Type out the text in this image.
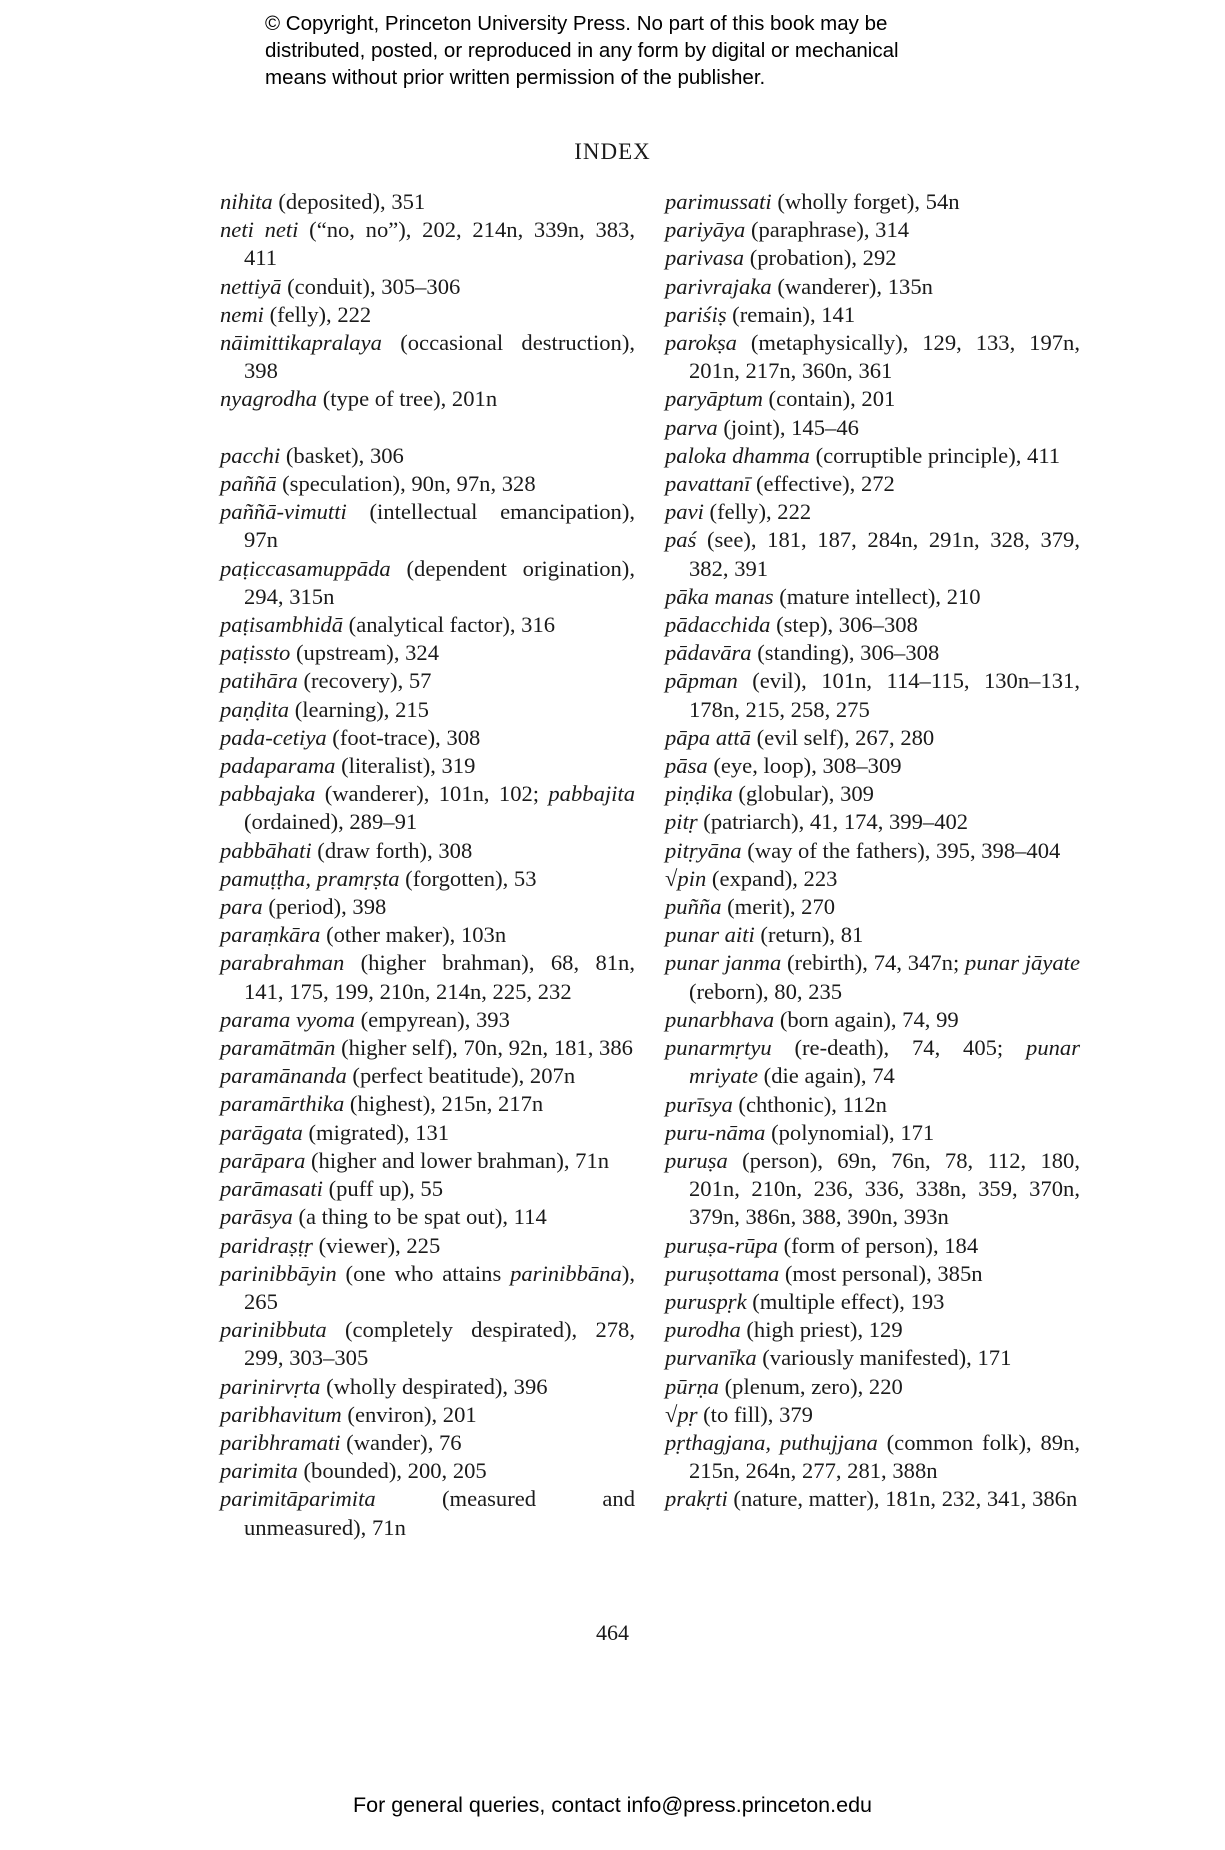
© Copyright, Princeton University Press. No part of this book may be
distributed, posted, or reproduced in any form by digital or mechanical
means without prior written permission of the publisher.
INDEX
nihita (deposited), 351
neti neti (“no, no”), 202, 214n, 339n, 383, 411
nettiyā (conduit), 305–306
nemi (felly), 222
nāimittikapralaya (occasional destruction), 398
nyagrodha (type of tree), 201n
pacchi (basket), 306
paññā (speculation), 90n, 97n, 328
paññā-vimutti (intellectual emancipation), 97n
paṭiccasamuppāda (dependent origination), 294, 315n
paṭisambhidā (analytical factor), 316
paṭissto (upstream), 324
patihāra (recovery), 57
paṇḍita (learning), 215
pada-cetiya (foot-trace), 308
padaparama (literalist), 319
pabbajaka (wanderer), 101n, 102; pabbajita (ordained), 289–91
pabbāhati (draw forth), 308
pamuṭṭha, pramṛṣta (forgotten), 53
para (period), 398
paraṃkāra (other maker), 103n
parabrahman (higher brahman), 68, 81n, 141, 175, 199, 210n, 214n, 225, 232
parama vyoma (empyrean), 393
paramātmān (higher self), 70n, 92n, 181, 386
paramānanda (perfect beatitude), 207n
paramārthika (highest), 215n, 217n
parāgata (migrated), 131
parāpara (higher and lower brahman), 71n
parāmasati (puff up), 55
parāsya (a thing to be spat out), 114
paridraṣṭṛ (viewer), 225
parinibbāyin (one who attains parinibbāna), 265
parinibbuta (completely despirated), 278, 299, 303–305
parinirvṛta (wholly despirated), 396
paribhavitum (environ), 201
paribhramati (wander), 76
parimita (bounded), 200, 205
parimitāparimita (measured and unmeasured), 71n
parimussati (wholly forget), 54n
pariyāya (paraphrase), 314
parivasa (probation), 292
parivrajaka (wanderer), 135n
pariśiṣ (remain), 141
parokṣa (metaphysically), 129, 133, 197n, 201n, 217n, 360n, 361
paryāptum (contain), 201
parva (joint), 145–46
paloka dhamma (corruptible principle), 411
pavattanī (effective), 272
pavi (felly), 222
paś (see), 181, 187, 284n, 291n, 328, 379, 382, 391
pāka manas (mature intellect), 210
pādacchida (step), 306–308
pādavāra (standing), 306–308
pāpman (evil), 101n, 114–115, 130n–131, 178n, 215, 258, 275
pāpa attā (evil self), 267, 280
pāsa (eye, loop), 308–309
piṇḍika (globular), 309
pitṛ (patriarch), 41, 174, 399–402
pitṛyāna (way of the fathers), 395, 398–404
√pin (expand), 223
puñña (merit), 270
punar aiti (return), 81
punar janma (rebirth), 74, 347n; punar jāyate (reborn), 80, 235
punarbhava (born again), 74, 99
punarmṛtyu (re-death), 74, 405; punar mriyate (die again), 74
purīsya (chthonic), 112n
puru-nāma (polynomial), 171
puruṣa (person), 69n, 76n, 78, 112, 180, 201n, 210n, 236, 336, 338n, 359, 370n, 379n, 386n, 388, 390n, 393n
puruṣa-rūpa (form of person), 184
puruṣottama (most personal), 385n
puruspṛk (multiple effect), 193
purodha (high priest), 129
purvanīka (variously manifested), 171
pūrṇa (plenum, zero), 220
√pṛ (to fill), 379
pṛthagjana, puthujjana (common folk), 89n, 215n, 264n, 277, 281, 388n
prakṛti (nature, matter), 181n, 232, 341, 386n
464
For general queries, contact info@press.princeton.edu
